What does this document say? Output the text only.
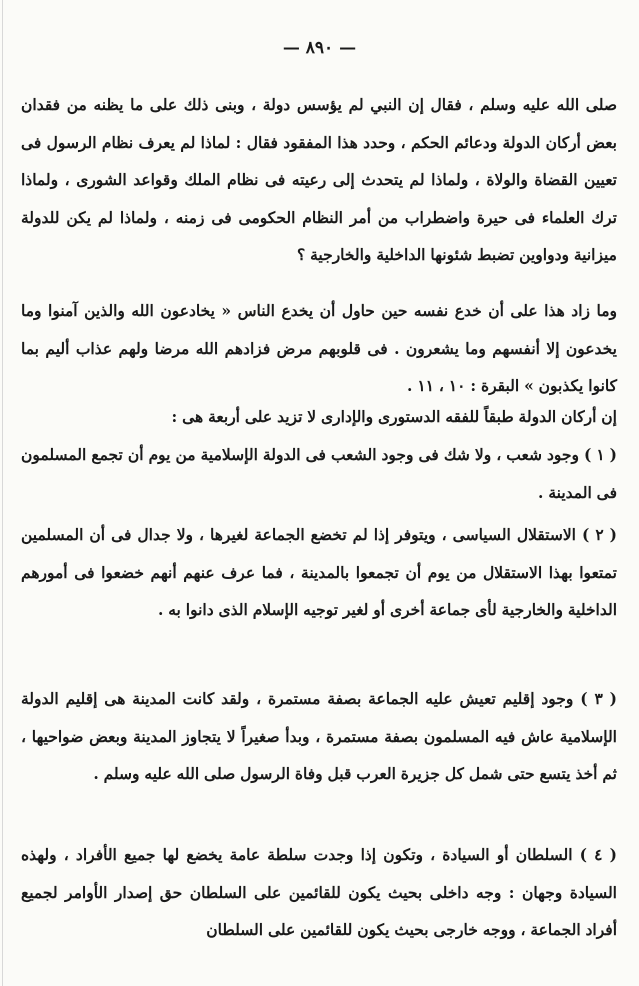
— ٨٩٠ —

صلى الله عليه وسلم ، فقال إن النبي لم يؤسس دولة ، وبنى ذلك على ما يظنه من فقدان بعض أركان الدولة ودعائم الحكم ، وحدد هذا المفقود فقال : لماذا لم يعرف نظام الرسول فى تعيين القضاة والولاة ، ولماذا لم يتحدث إلى رعيته فى نظام الملك وقواعد الشورى ، ولماذا ترك العلماء فى حيرة واضطراب من أمر النظام الحكومى فى زمنه ، ولماذا لم يكن للدولة ميزانية ودواوين تضبط شئونها الداخلية والخارجية ؟

وما زاد هذا على أن خدع نفسه حين حاول أن يخدع الناس « يخادعون الله والذين آمنوا وما يخدعون إلا أنفسهم وما يشعرون . فى قلوبهم مرض فزادهم الله مرضا ولهم عذاب أليم بما كانوا يكذبون » البقرة : ١٠ ، ١١ .

إن أركان الدولة طبقاً للفقه الدستورى والإدارى لا تزيد على أربعة هى :

( ١ ) وجود شعب ، ولا شك فى وجود الشعب فى الدولة الإسلامية من يوم أن تجمع المسلمون فى المدينة .

( ٢ ) الاستقلال السياسى ، ويتوفر إذا لم تخضع الجماعة لغيرها ، ولا جدال فى أن المسلمين تمتعوا بهذا الاستقلال من يوم أن تجمعوا بالمدينة ، فما عرف عنهم أنهم خضعوا فى أمورهم الداخلية والخارجية لأى جماعة أخرى أو لغير توجيه الإسلام الذى دانوا به .

( ٣ ) وجود إقليم تعيش عليه الجماعة بصفة مستمرة ، ولقد كانت المدينة هى إقليم الدولة الإسلامية عاش فيه المسلمون بصفة مستمرة ، وبدأ صغيراً لا يتجاوز المدينة وبعض ضواحيها ، ثم أخذ يتسع حتى شمل كل جزيرة العرب قبل وفاة الرسول صلى الله عليه وسلم .

( ٤ ) السلطان أو السيادة ، وتكون إذا وجدت سلطة عامة يخضع لها جميع الأفراد ، ولهذه السيادة وجهان : وجه داخلى بحيث يكون للقائمين على السلطان حق إصدار الأوامر لجميع أفراد الجماعة ، ووجه خارجى بحيث يكون للقائمين على السلطان
